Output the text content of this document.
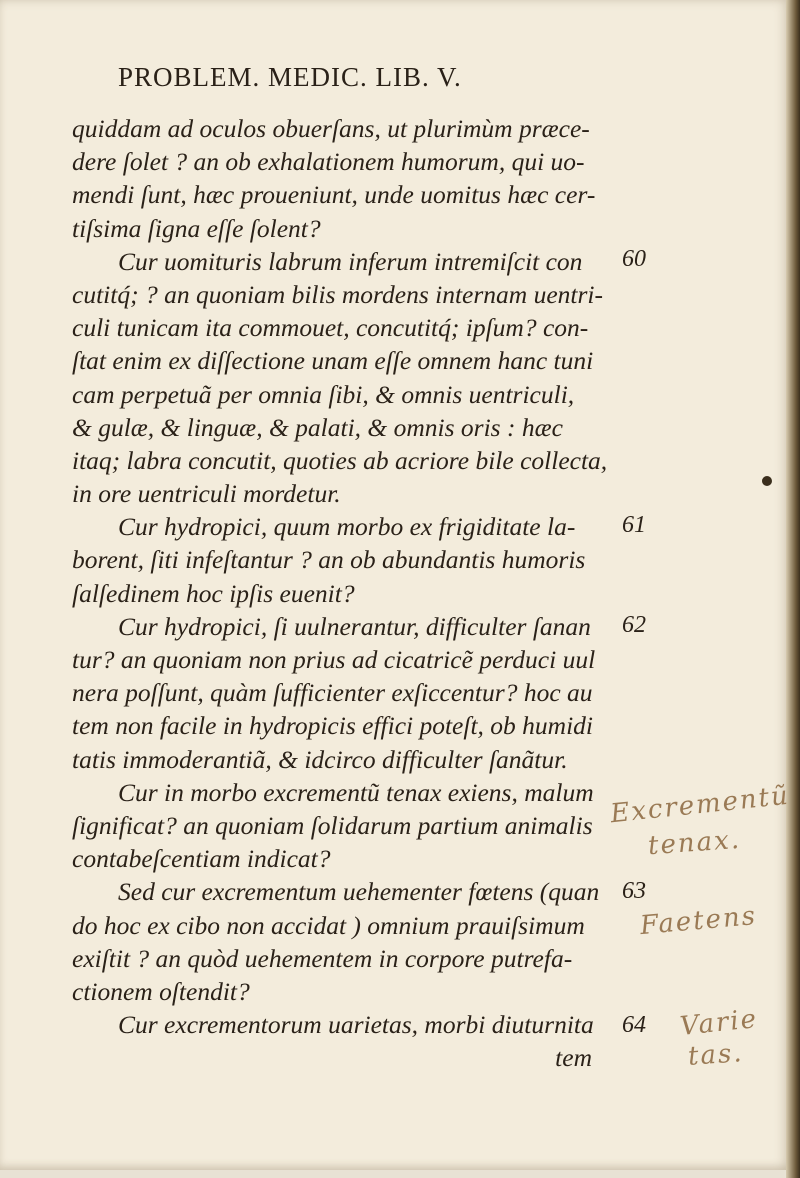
PROBLEM. MEDIC. LIB. V.
quiddam ad oculos obuerſans, ut plurimùm præce-
dere ſolet ? an ob exhalationem humorum, qui uo-
mendi ſunt, hæc proueniunt, unde uomitus hæc cer-
tiſsima ſigna eſſe ſolent?
Cur uomituris labrum inferum intremiſcit con
cutitq́; ? an quoniam bilis mordens internam uentri-
culi tunicam ita commouet, concutitq́; ipſum? con-
ſtat enim ex diſſectione unam eſſe omnem hanc tuni
cam perpetuã per omnia ſibi, & omnis uentriculi,
& gulæ, & linguæ, & palati, & omnis oris : hæc
itaq; labra concutit, quoties ab acriore bile collecta,
in ore uentriculi mordetur.
Cur hydropici, quum morbo ex frigiditate la-
borent, ſiti infeſtantur ? an ob abundantis humoris
ſalſedinem hoc ipſis euenit?
Cur hydropici, ſi uulnerantur, difficulter ſanan
tur? an quoniam non prius ad cicatricẽ perduci uul
nera poſſunt, quàm ſufficienter exſiccentur? hoc au
tem non facile in hydropicis effici poteſt, ob humidi
tatis immoderantiã, & idcirco difficulter ſanãtur.
Cur in morbo excrementũ tenax exiens, malum
ſignificat? an quoniam ſolidarum partium animalis
contabeſcentiam indicat?
Sed cur excrementum uehementer fœtens (quan
do hoc ex cibo non accidat ) omnium prauiſsimum
exiſtit ? an quòd uehementem in corpore putrefa-
ctionem oſtendit?
Cur excrementorum uarietas, morbi diuturnita
tem
60
61
62
63
64
Excrementũ
tenax.
Faetens
Varie
tas.
